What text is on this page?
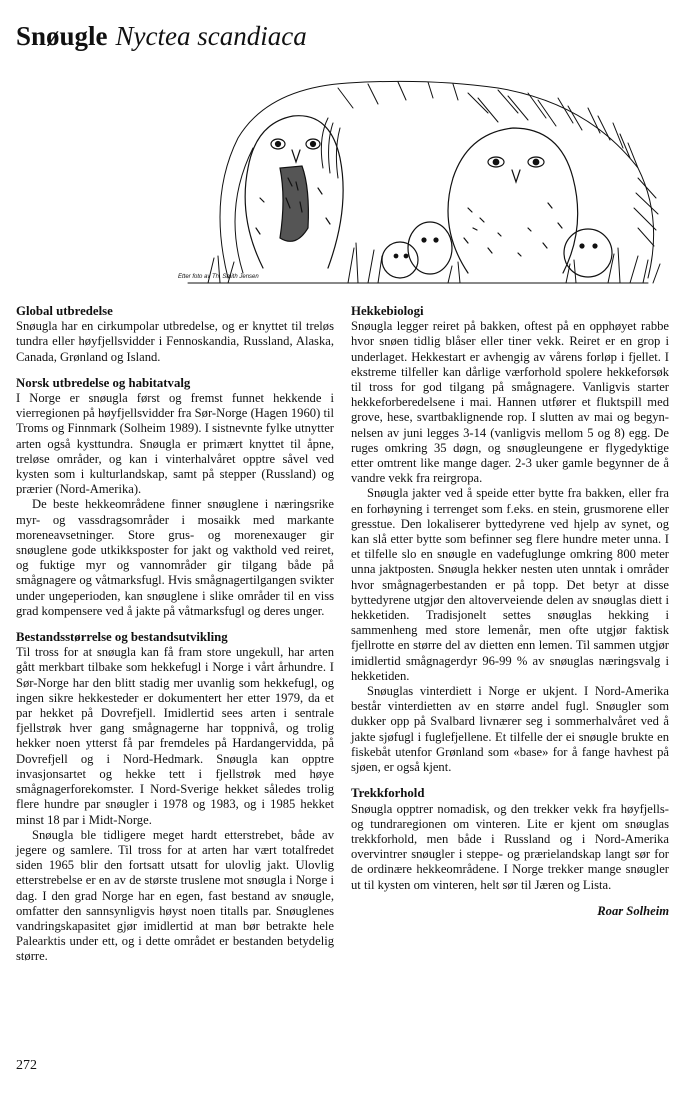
Snøugle Nyctea scandiaca
Etter foto av Th. Smith Jensen
Global utbredelse

Snøugla har en cirkumpolar utbredelse, og er knyttet til treløs tundra eller høyfjellsvidder i Fennoskandia, Russland, Alaska, Canada, Grønland og Island.

Norsk utbredelse og habitatvalg

I Norge er snøugla først og fremst funnet hekkende i vierregionen på høyfjellsvidder fra Sør-Norge (Hagen 1960) til Troms og Finnmark (Solheim 1989). I sistnevnte fylke utnytter arten også kysttundra. Snøugla er primært knyttet til åpne, treløse områder, og kan i vinterhalvåret opptre såvel ved kysten som i kulturlandskap, samt på stepper (Russland) og prærier (Nord-Amerika).

De beste hekkeområdene finner snøuglene i næringsrike myr- og vassdragsområder i mosaikk med markante moreneavsetninger. Store grus- og moreneхauger gir snøuglene gode utkikksposter for jakt og vakthold ved reiret, og fuktige myr og vannområder gir tilgang både på smågnagere og våtmarksfugl. Hvis smågnagertilgangen svikter under ungeperioden, kan snøuglene i slike områder til en viss grad kompensere ved å jakte på våtmarksfugl og deres unger.

Bestandsstørrelse og bestandsutvikling

Til tross for at snøugla kan få fram store ungekull, har arten gått merkbart tilbake som hekkefugl i Norge i vårt århundre. I Sør-Norge har den blitt stadig mer uvanlig som hekkefugl, og ingen sikre hekkesteder er dokumentert her etter 1979, da et par hekket på Dovrefjell. Imidlertid sees arten i sentrale fjellstrøk hver gang smågnagerne har toppnivå, og trolig hekker noen ytterst få par fremdeles på Hardangervidda, på Dovrefjell og i Nord-Hedmark. Snøugla kan opptre invasjonsartet og hekke tett i fjellstrøk med høye smågnagerforekomster. I Nord-Sverige hekket således trolig flere hundre par snøugler i 1978 og 1983, og i 1985 hekket minst 18 par i Midt-Norge.

Snøugla ble tidligere meget hardt etterstrebet, både av jegere og samlere. Til tross for at arten har vært totalfredet siden 1965 blir den fortsatt utsatt for ulovlig jakt. Ulovlig etterstrebelse er en av de største truslene mot snøugla i Norge i dag. I den grad Norge har en egen, fast bestand av snøugle, omfatter den sannsynligvis høyst noen titalls par. Snøuglenes vandringskapasitet gjør imidlertid at man bør betrakte hele Palearktis under ett, og i dette området er bestanden betydelig større.

Hekkebiologi

Snøugla legger reiret på bakken, oftest på en opphøyet rabbe hvor snøen tidlig blåser eller tiner vekk. Reiret er en grop i underlaget. Hekkestart er avhengig av vårens forløp i fjellet. I ekstreme tilfeller kan dårlige værforhold spolere hekkeforsøk til tross for god tilgang på smågnagere. Vanligvis starter hekkeforberedelsene i mai. Hannen utfører et fluktspill med grove, hese, svartbaklignende rop. I slutten av mai og begyn-nelsen av juni legges 3-14 (vanligvis mellom 5 og 8) egg. De ruges omkring 35 døgn, og snøugleungene er flygedyktige etter omtrent like mange dager. 2-3 uker gamle begynner de å vandre vekk fra reirgropa.

Snøugla jakter ved å speide etter bytte fra bakken, eller fra en forhøyning i terrenget som f.eks. en stein, grusmorene eller gresstue. Den lokaliserer byttedyrene ved hjelp av synet, og kan slå etter bytte som befinner seg flere hundre meter unna. I et tilfelle slo en snøugle en vadefuglunge omkring 800 meter unna jaktposten. Snøugla hekker nesten uten unntak i områder hvor smågnagerbestanden er på topp. Det betyr at disse byttedyrene utgjør den altoverveiende delen av snøuglas diett i hekketiden. Tradisjonelt settes snøuglas hekking i sammenheng med store lemenår, men ofte utgjør faktisk fjellrotte en større del av dietten enn lemen. Til sammen utgjør imidlertid smågnagerdyr 96-99 % av snøuglas næringsvalg i hekketiden.

Snøuglas vinterdiett i Norge er ukjent. I Nord-Amerika består vinterdietten av en større andel fugl. Snøugler som dukker opp på Svalbard livnærer seg i sommerhalvåret ved å jakte sjøfugl i fuglefjellene. Et tilfelle der ei snøugle brukte en fiskebåt utenfor Grønland som «base» for å fange havhest på sjøen, er også kjent.

Trekkforhold

Snøugla opptrer nomadisk, og den trekker vekk fra høyfjells- og tundraregionen om vinteren. Lite er kjent om snøuglas trekkforhold, men både i Russland og i Nord-Amerika overvintrer snøugler i steppe- og prærielandskap langt sør for de ordinære hekkeområdene. I Norge trekker mange snøugler ut til kysten om vinteren, helt sør til Jæren og Lista.

Roar Solheim

272
